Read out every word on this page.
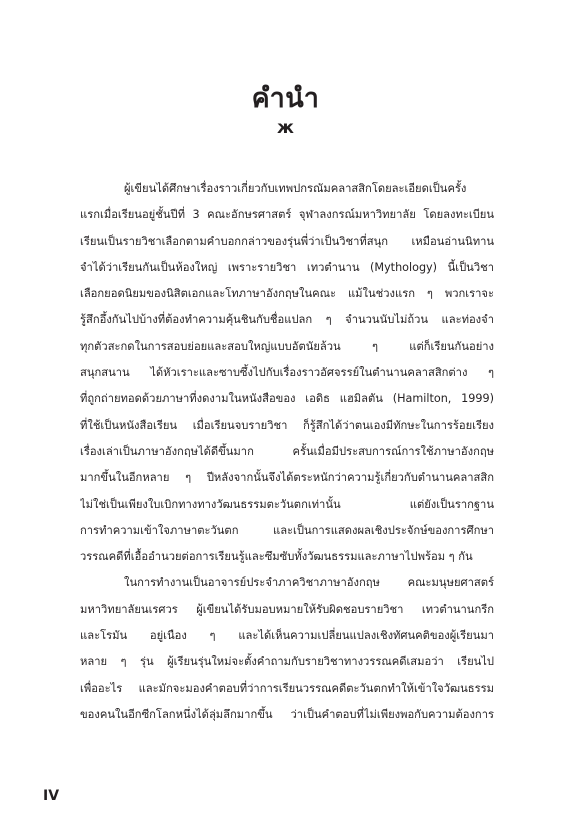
คำนำ
ж
ผู้เขียนได้ศึกษาเรื่องราวเกี่ยวกับเทพปกรณัมคลาสสิกโดยละเอียดเป็นครั้ง
แรกเมื่อเรียนอยู่ชั้นปีที่ 3 คณะอักษรศาสตร์ จุฬาลงกรณ์มหาวิทยาลัย โดยลงทะเบียน
เรียนเป็นรายวิชาเลือกตามคำบอกกล่าวของรุ่นพี่ว่าเป็นวิชาที่สนุก เหมือนอ่านนิทาน
จำได้ว่าเรียนกันเป็นห้องใหญ่ เพราะรายวิชา เทวตำนาน (Mythology) นี้เป็นวิชา
เลือกยอดนิยมของนิสิตเอกและโทภาษาอังกฤษในคณะ แม้ในช่วงแรก ๆ พวกเราจะ
รู้สึกอึ้งกันไปบ้างที่ต้องทำความคุ้นชินกับชื่อแปลก ๆ จำนวนนับไม่ถ้วน และท่องจำ
ทุกตัวสะกดในการสอบย่อยและสอบใหญ่แบบอัตนัยล้วน ๆ แต่ก็เรียนกันอย่าง
สนุกสนาน ได้หัวเราะและซาบซึ้งไปกับเรื่องราวอัศจรรย์ในตำนานคลาสสิกต่าง ๆ
ที่ถูกถ่ายทอดด้วยภาษาที่งดงามในหนังสือของ เอดิธ แฮมิลตัน (Hamilton, 1999)
ที่ใช้เป็นหนังสือเรียน เมื่อเรียนจบรายวิชา ก็รู้สึกได้ว่าตนเองมีทักษะในการร้อยเรียง
เรื่องเล่าเป็นภาษาอังกฤษได้ดีขึ้นมาก ครั้นเมื่อมีประสบการณ์การใช้ภาษาอังกฤษ
มากขึ้นในอีกหลาย ๆ ปีหลังจากนั้นจึงได้ตระหนักว่าความรู้เกี่ยวกับตำนานคลาสสิก
ไม่ใช่เป็นเพียงใบเบิกทางทางวัฒนธรรมตะวันตกเท่านั้น แต่ยังเป็นรากฐาน
การทำความเข้าใจภาษาตะวันตก และเป็นการแสดงผลเชิงประจักษ์ของการศึกษา
วรรณคดีที่เอื้ออำนวยต่อการเรียนรู้และซึมซับทั้งวัฒนธรรมและภาษาไปพร้อม ๆ กัน
ในการทำงานเป็นอาจารย์ประจำภาควิชาภาษาอังกฤษ คณะมนุษยศาสตร์
มหาวิทยาลัยนเรศวร ผู้เขียนได้รับมอบหมายให้รับผิดชอบรายวิชา เทวตำนานกรีก
และโรมัน อยู่เนือง ๆ และได้เห็นความเปลี่ยนแปลงเชิงทัศนคติของผู้เรียนมา
หลาย ๆ รุ่น ผู้เรียนรุ่นใหม่จะตั้งคำถามกับรายวิชาทางวรรณคดีเสมอว่า เรียนไป
เพื่ออะไร และมักจะมองคำตอบที่ว่าการเรียนวรรณคดีตะวันตกทำให้เข้าใจวัฒนธรรม
ของคนในอีกซีกโลกหนึ่งได้ลุ่มลึกมากขึ้น ว่าเป็นคำตอบที่ไม่เพียงพอกับความต้องการ
IV
